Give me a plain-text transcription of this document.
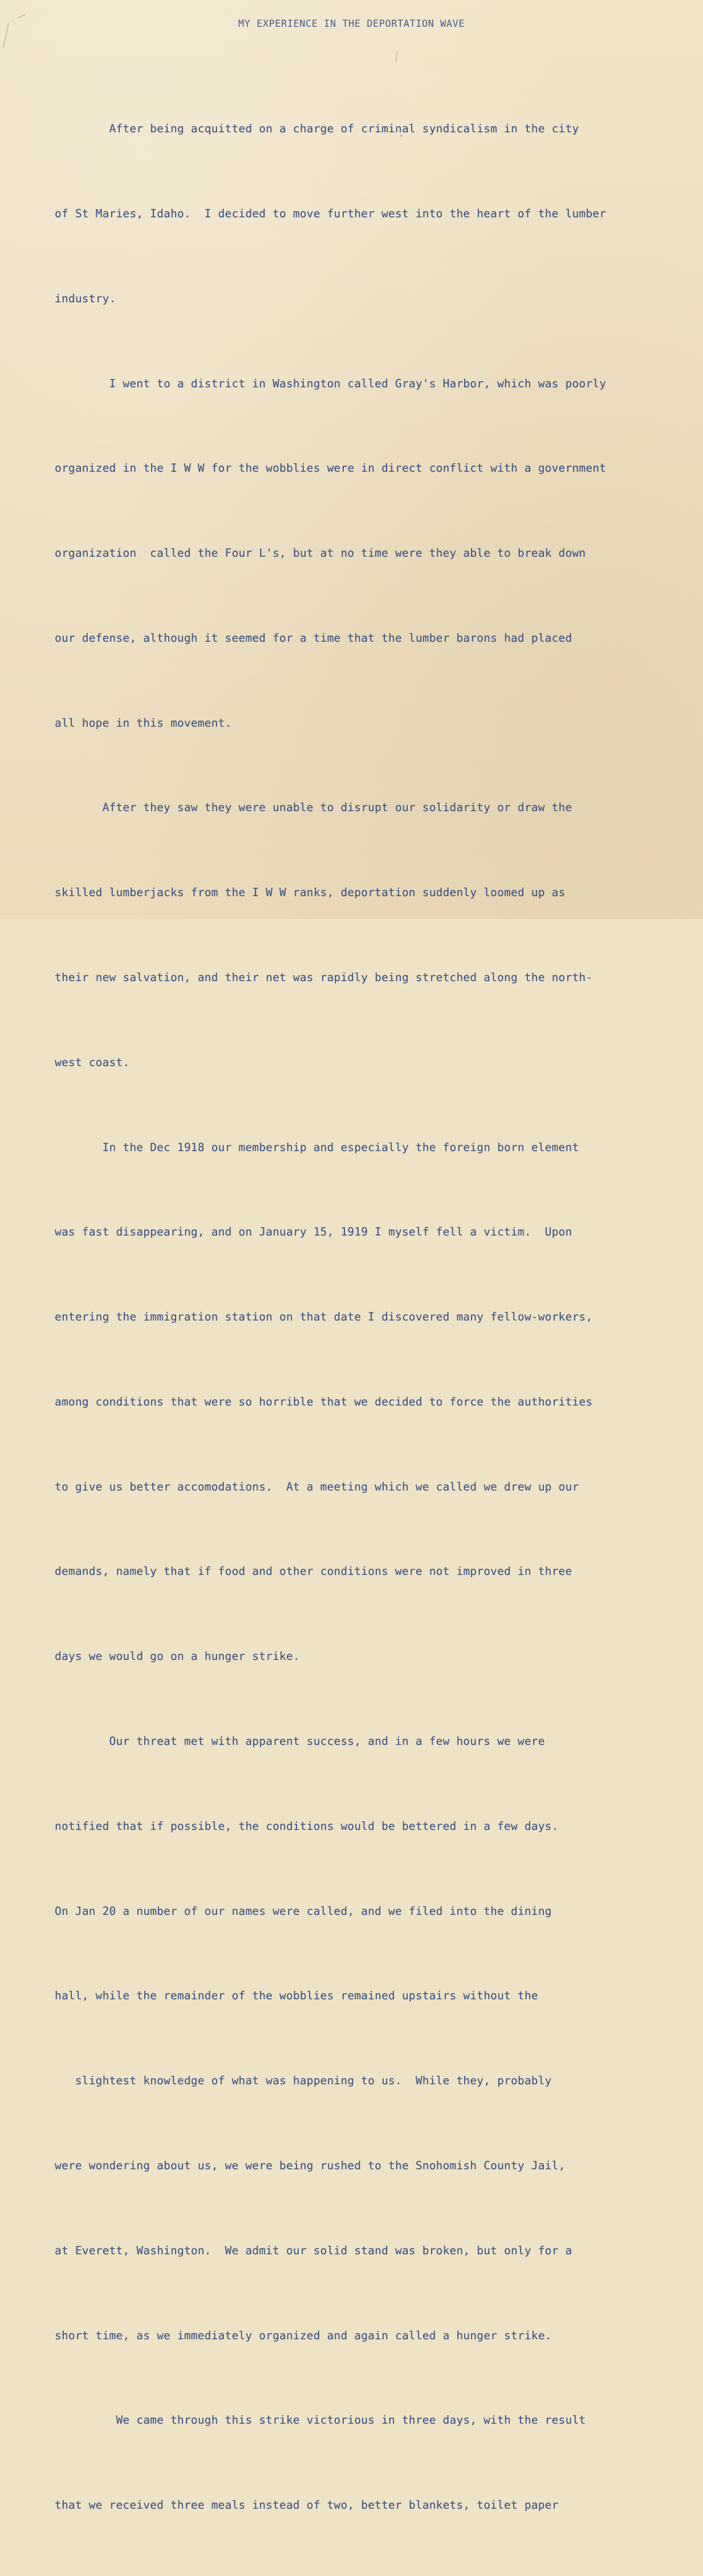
MY EXPERIENCE IN THE DEPORTATION WAVE

After being acquitted on a charge of criminal syndicalism in the city

of St Maries, Idaho.  I decided to move further west into the heart of the lumber

industry.

I went to a district in Washington called Gray's Harbor, which was poorly

organized in the I W W for the wobblies were in direct conflict with a government

organization  called the Four L's, but at no time were they able to break down

our defense, although it seemed for a time that the lumber barons had placed

all hope in this movement.

After they saw they were unable to disrupt our solidarity or draw the

skilled lumberjacks from the I W W ranks, deportation suddenly loomed up as

their new salvation, and their net was rapidly being stretched along the north-

west coast.

In the Dec 1918 our membership and especially the foreign born element

was fast disappearing, and on January 15, 1919 I myself fell a victim.  Upon

entering the immigration station on that date I discovered many fellow-workers,

among conditions that were so horrible that we decided to force the authorities

to give us better accomodations.  At a meeting which we called we drew up our

demands, namely that if food and other conditions were not improved in three

days we would go on a hunger strike.

Our threat met with apparent success, and in a few hours we were

notified that if possible, the conditions would be bettered in a few days.

On Jan 20 a number of our names were called, and we filed into the dining

hall, while the remainder of the wobblies remained upstairs without the

slightest knowledge of what was happening to us.  While they, probably

were wondering about us, we were being rushed to the Snohomish County Jail,

at Everett, Washington.  We admit our solid stand was broken, but only for a

short time, as we immediately organized and again called a hunger strike.

We came through this strike victorious in three days, with the result

that we received three meals instead of two, better blankets, toilet paper
